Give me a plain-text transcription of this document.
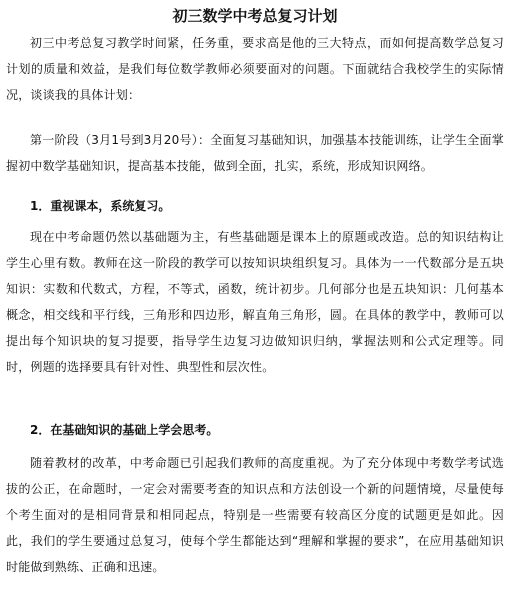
初三数学中考总复习计划

初三中考总复习教学时间紧，任务重，要求高是他的三大特点，而如何提高数学总复习计划的质量和效益，是我们每位数学教师必须要面对的问题。下面就结合我校学生的实际情况，谈谈我的具体计划：

第一阶段（3月1号到3月20号）：全面复习基础知识，加强基本技能训练，让学生全面掌握初中数学基础知识，提高基本技能，做到全面，扎实，系统，形成知识网络。

1．重视课本，系统复习。

现在中考命题仍然以基础题为主，有些基础题是课本上的原题或改造。总的知识结构让学生心里有数。教师在这一阶段的教学可以按知识块组织复习。具体为一一代数部分是五块知识：实数和代数式，方程，不等式，函数，统计初步。几何部分也是五块知识：几何基本概念，相交线和平行线，三角形和四边形，解直角三角形，圆。在具体的教学中，教师可以提出每个知识块的复习提要，指导学生边复习边做知识归纳，掌握法则和公式定理等。同时，例题的选择要具有针对性、典型性和层次性。

2．在基础知识的基础上学会思考。

随着教材的改革，中考命题已引起我们教师的高度重视。为了充分体现中考数学考试选拔的公正，在命题时，一定会对需要考查的知识点和方法创设一个新的问题情境，尽量使每个考生面对的是相同背景和相同起点，特别是一些需要有较高区分度的试题更是如此。因此，我们的学生要通过总复习，使每个学生都能达到“理解和掌握的要求”，在应用基础知识时能做到熟练、正确和迅速。
